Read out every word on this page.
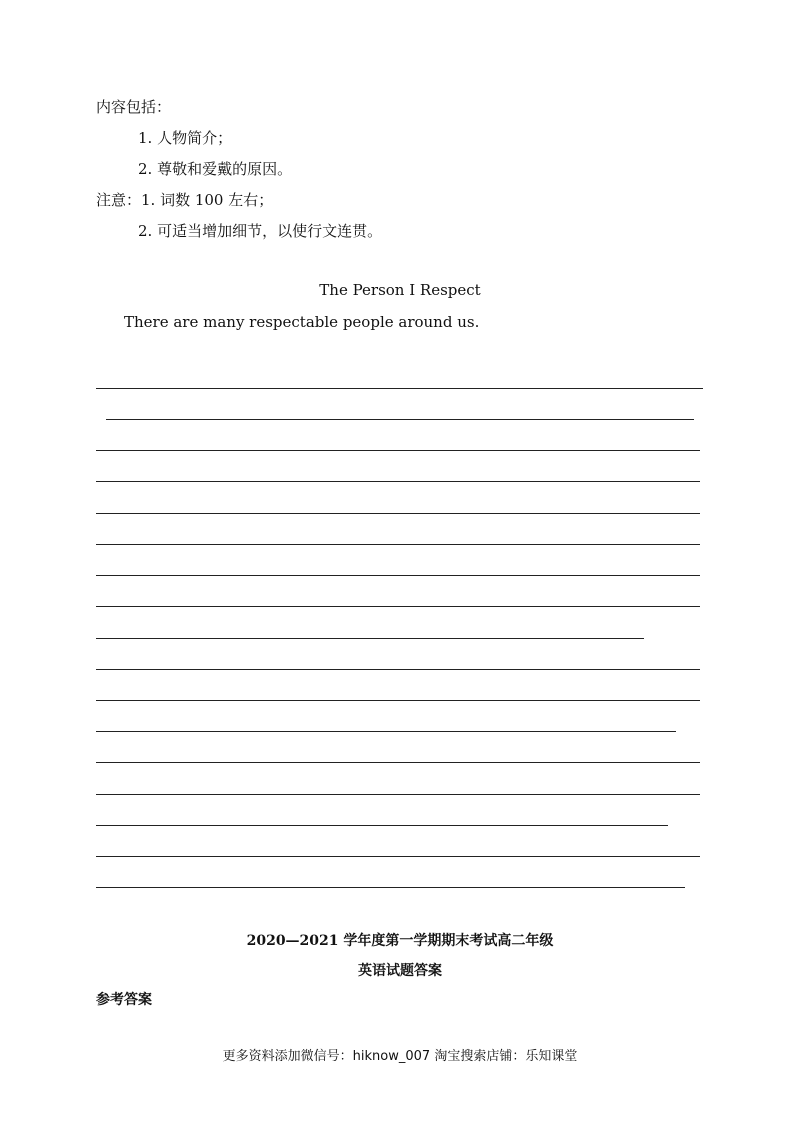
内容包括：
1. 人物简介；
2. 尊敬和爱戴的原因。
注意：1. 词数 100 左右；
2. 可适当增加细节，以使行文连贯。
The Person I Respect
There are many respectable people around us.
2020—2021 学年度第一学期期末考试高二年级
英语试题答案
参考答案
更多资料添加微信号：hiknow_007 淘宝搜索店铺：乐知课堂
